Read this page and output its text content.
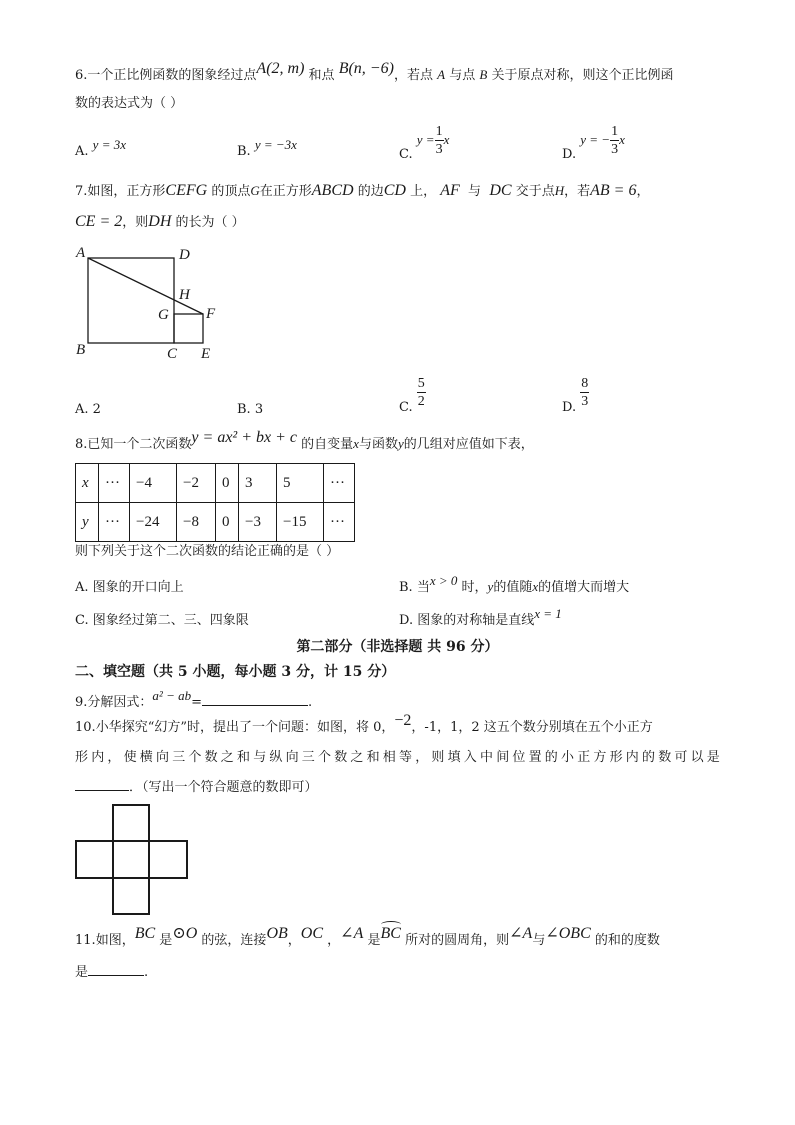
6.一个正比例函数的图象经过点A(2, m) 和点 B(n, −6)，若点 A 与点 B 关于原点对称，则这个正比例函
数的表达式为（ ）
A. y = 3x	B. y = −3x
C. $y = \frac{1}{3}$ x
D. y = − $\frac{1}{3}$ x
7.如图，正方形CEFG 的顶点G在正方形ABCD 的边CD 上， AF 与 DC 交于点H，若AB = 6，
CE = 2，则DH 的长为（ ）
A	D
H
G F
B	C E
A. 2	B. 3	C. $\frac{5}{2}$	D. $\frac{8}{3}$
8.已知一个二次函数y = ax² + bx + c 的自变量x与函数y的几组对应值如下表，
x	···	−4	−2	0	3	5	···
y	···	−24	−8	0	−3	−15	···
则下列关于这个二次函数的结论正确的是（ ）
A. 图象的开口向上	B. 当x > 0 时，y的值随x的值增大而增大
C. 图象经过第二、三、四象限	D. 图象的对称轴是直线x = 1
第二部分（非选择题 共 96 分）
二、填空题（共 5 小题，每小题 3 分，计 15 分）
9.分解因式：a² − ab=	.
10.小华探究“幻方”时，提出了一个问题：如图，将 0，−2，-1，1，2 这五个数分别填在五个小正方
形内，使横向三个数之和与纵向三个数之和相等，则填入中间位置的小正方形内的数可以是
．（写出一个符合题意的数即可）
11.如图，BC 是⊙O 的弦，连接OB，OC ，∠A 是
BC 所对的圆周角，则∠A与∠OBC 的和的度数
是	.
